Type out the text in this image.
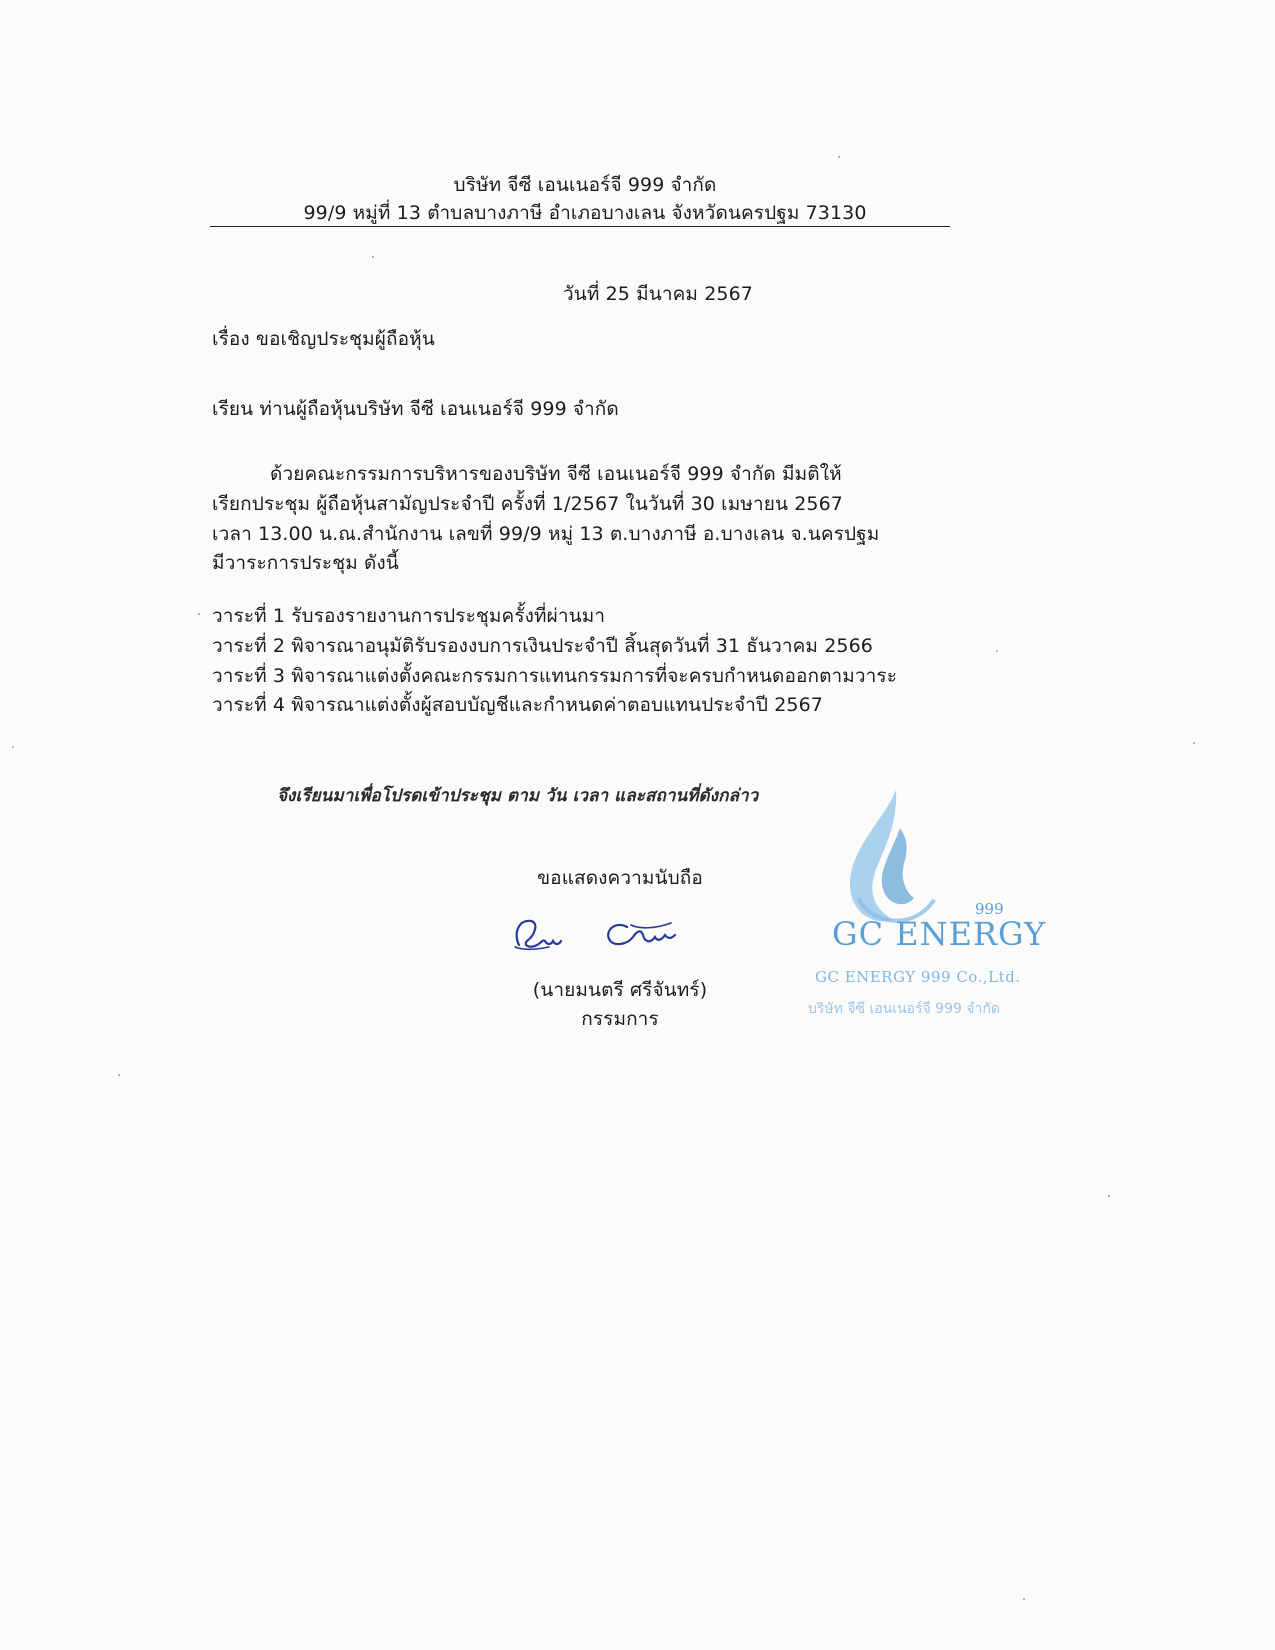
บริษัท จีซี เอนเนอร์จี 999 จำกัด
99/9 หมู่ที่ 13 ตำบลบางภาษี อำเภอบางเลน จังหวัดนครปฐม 73130
วันที่ 25 มีนาคม 2567
เรื่อง ขอเชิญประชุมผู้ถือหุ้น
เรียน ท่านผู้ถือหุ้นบริษัท จีซี เอนเนอร์จี 999 จำกัด
ด้วยคณะกรรมการบริหารของบริษัท จีซี เอนเนอร์จี 999 จำกัด มีมติให้
เรียกประชุม ผู้ถือหุ้นสามัญประจำปี ครั้งที่ 1/2567 ในวันที่ 30 เมษายน 2567
เวลา 13.00 น.ณ.สำนักงาน เลขที่ 99/9 หมู่ 13 ต.บางภาษี อ.บางเลน จ.นครปฐม
มีวาระการประชุม ดังนี้
วาระที่ 1 รับรองรายงานการประชุมครั้งที่ผ่านมา
วาระที่ 2 พิจารณาอนุมัติรับรองงบการเงินประจำปี สิ้นสุดวันที่ 31 ธันวาคม 2566
วาระที่ 3 พิจารณาแต่งตั้งคณะกรรมการแทนกรรมการที่จะครบกำหนดออกตามวาระ
วาระที่ 4 พิจารณาแต่งตั้งผู้สอบบัญชีและกำหนดค่าตอบแทนประจำปี 2567
จึงเรียนมาเพื่อโปรดเข้าประชุม ตาม วัน เวลา และสถานที่ดังกล่าว
ขอแสดงความนับถือ
(นายมนตรี ศรีจันทร์)
กรรมการ
999
GC ENERGY
GC ENERGY 999 Co.,Ltd.
บริษัท จีซี เอนเนอร์จี 999 จำกัด
